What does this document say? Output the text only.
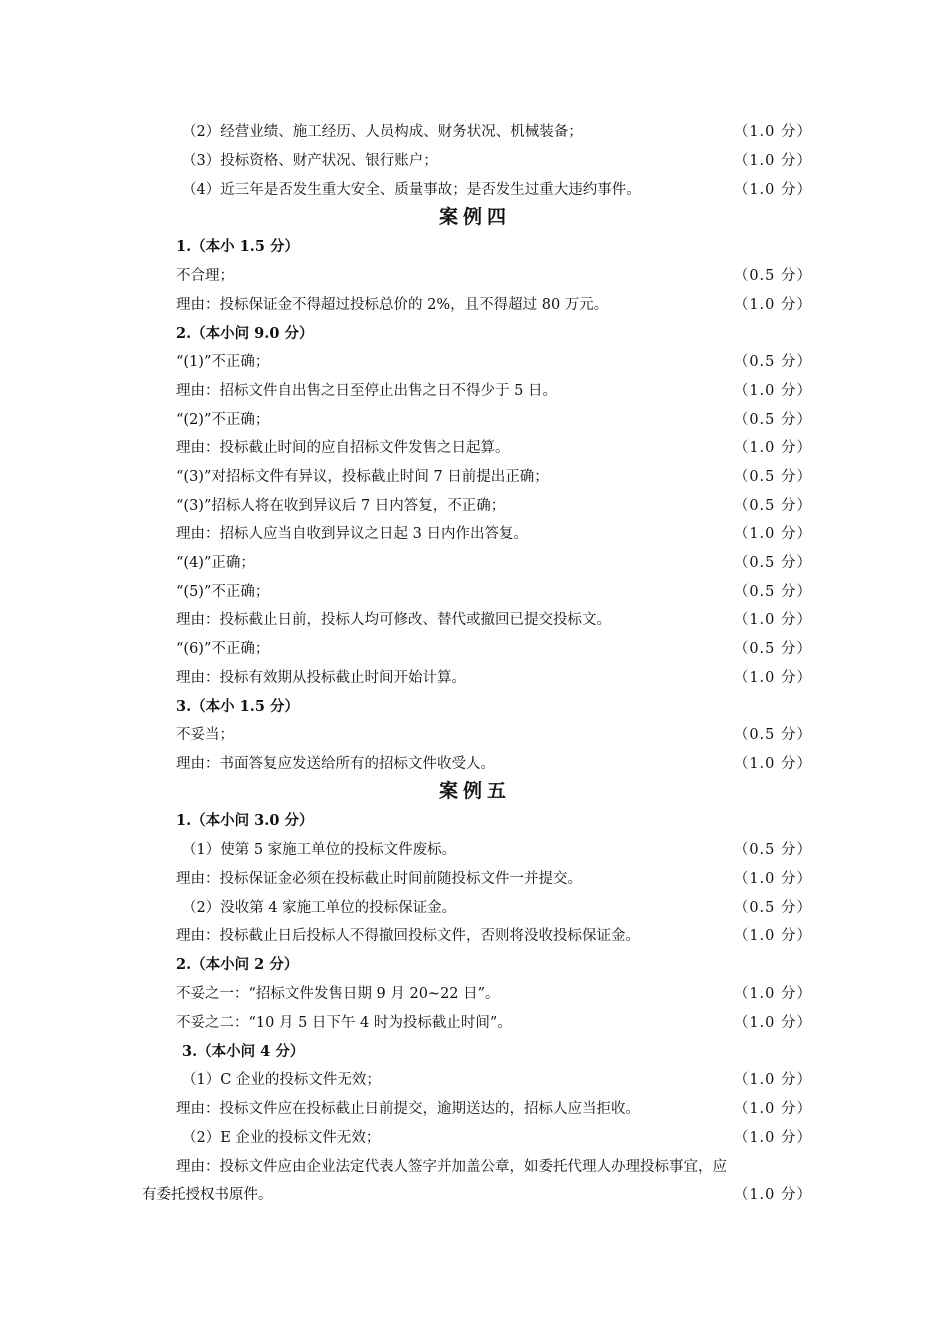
（2）经营业绩、施工经历、人员构成、财务状况、机械装备；	（1.0 分）
（3）投标资格、财产状况、银行账户；	（1.0 分）
（4）近三年是否发生重大安全、质量事故；是否发生过重大违约事件。	（1.0 分）
案例四
1.（本小 1.5 分）
不合理；	（0.5 分）
理由：投标保证金不得超过投标总价的 2%，且不得超过 80 万元。	（1.0 分）
2.（本小问 9.0 分）
“(1)”不正确；	（0.5 分）
理由：招标文件自出售之日至停止出售之日不得少于 5 日。	（1.0 分）
“(2)”不正确；	（0.5 分）
理由：投标截止时间的应自招标文件发售之日起算。	（1.0 分）
“(3)”对招标文件有异议，投标截止时间 7 日前提出正确；	（0.5 分）
“(3)”招标人将在收到异议后 7 日内答复，不正确；	（0.5 分）
理由：招标人应当自收到异议之日起 3 日内作出答复。	（1.0 分）
“(4)”正确；	（0.5 分）
“(5)”不正确；	（0.5 分）
理由：投标截止日前，投标人均可修改、替代或撤回已提交投标文。	（1.0 分）
“(6)”不正确；	（0.5 分）
理由：投标有效期从投标截止时间开始计算。	（1.0 分）
3.（本小 1.5 分）
不妥当；	（0.5 分）
理由：书面答复应发送给所有的招标文件收受人。	（1.0 分）
案例五
1.（本小问 3.0 分）
（1）使第 5 家施工单位的投标文件废标。	（0.5 分）
理由：投标保证金必须在投标截止时间前随投标文件一并提交。	（1.0 分）
（2）没收第 4 家施工单位的投标保证金。	（0.5 分）
理由：投标截止日后投标人不得撤回投标文件，否则将没收投标保证金。	（1.0 分）
2.（本小问 2 分）
不妥之一：“招标文件发售日期 9 月 20~22 日”。	（1.0 分）
不妥之二：“10 月 5 日下午 4 时为投标截止时间”。	（1.0 分）
3.（本小问 4 分）
（1）C 企业的投标文件无效；	（1.0 分）
理由：投标文件应在投标截止日前提交，逾期送达的，招标人应当拒收。	（1.0 分）
（2）E 企业的投标文件无效；	（1.0 分）
理由：投标文件应由企业法定代表人签字并加盖公章，如委托代理人办理投标事宜，应
有委托授权书原件。	（1.0 分）
